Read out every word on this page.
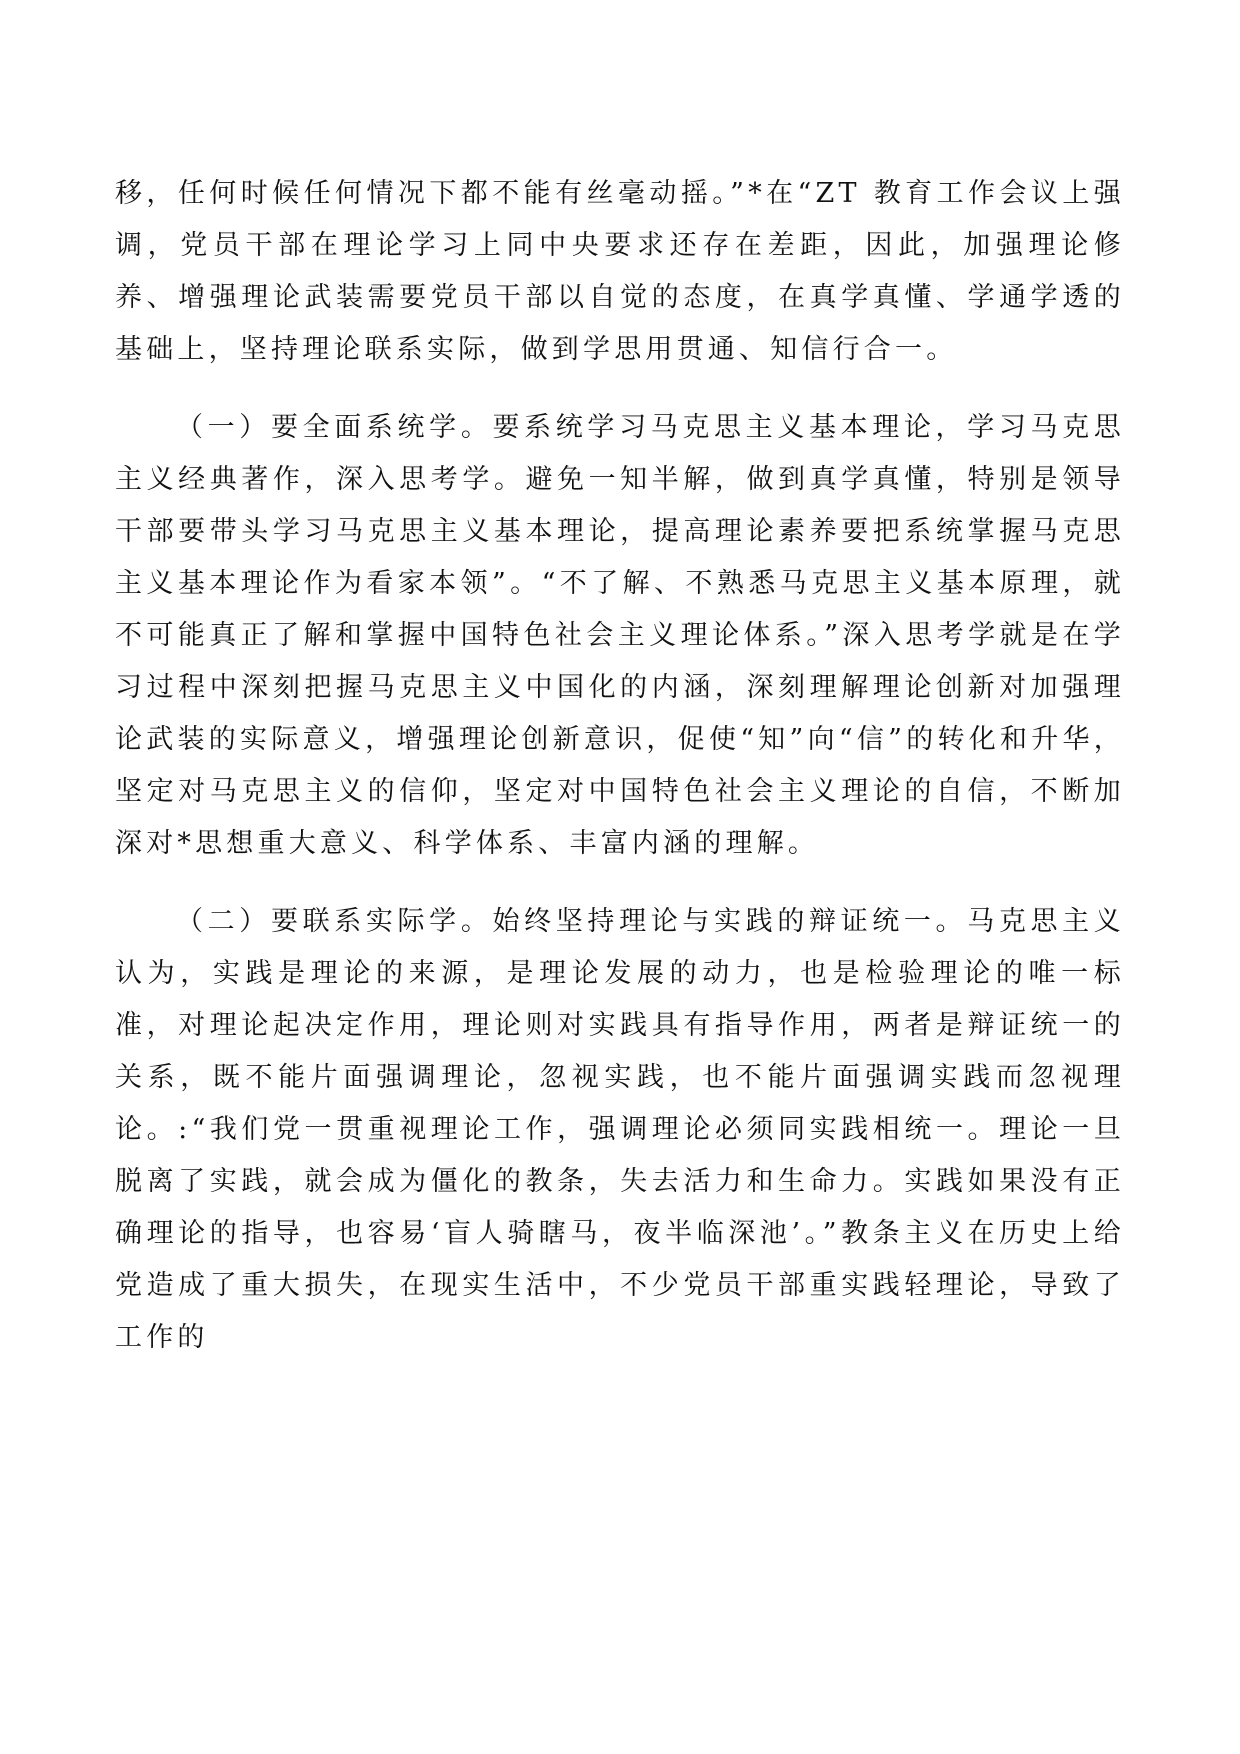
移，任何时候任何情况下都不能有丝毫动摇。”*在“ZT 教育工作会议上强调，党员干部在理论学习上同中央要求还存在差距，因此，加强理论修养、增强理论武装需要党员干部以自觉的态度，在真学真懂、学通学透的基础上，坚持理论联系实际，做到学思用贯通、知信行合一。

（一）要全面系统学。要系统学习马克思主义基本理论，学习马克思主义经典著作，深入思考学。避免一知半解，做到真学真懂，特别是领导干部要带头学习马克思主义基本理论，提高理论素养要把系统掌握马克思主义基本理论作为看家本领”。“不了解、不熟悉马克思主义基本原理，就不可能真正了解和掌握中国特色社会主义理论体系。”深入思考学就是在学习过程中深刻把握马克思主义中国化的内涵，深刻理解理论创新对加强理论武装的实际意义，增强理论创新意识，促使“知”向“信”的转化和升华，坚定对马克思主义的信仰，坚定对中国特色社会主义理论的自信，不断加深对*思想重大意义、科学体系、丰富内涵的理解。

（二）要联系实际学。始终坚持理论与实践的辩证统一。马克思主义认为，实践是理论的来源，是理论发展的动力，也是检验理论的唯一标准，对理论起决定作用，理论则对实践具有指导作用，两者是辩证统一的关系，既不能片面强调理论，忽视实践，也不能片面强调实践而忽视理论。:“我们党一贯重视理论工作，强调理论必须同实践相统一。理论一旦脱离了实践，就会成为僵化的教条，失去活力和生命力。实践如果没有正确理论的指导，也容易‘盲人骑瞎马，夜半临深池’。”教条主义在历史上给党造成了重大损失，在现实生活中，不少党员干部重实践轻理论，导致了工作的
